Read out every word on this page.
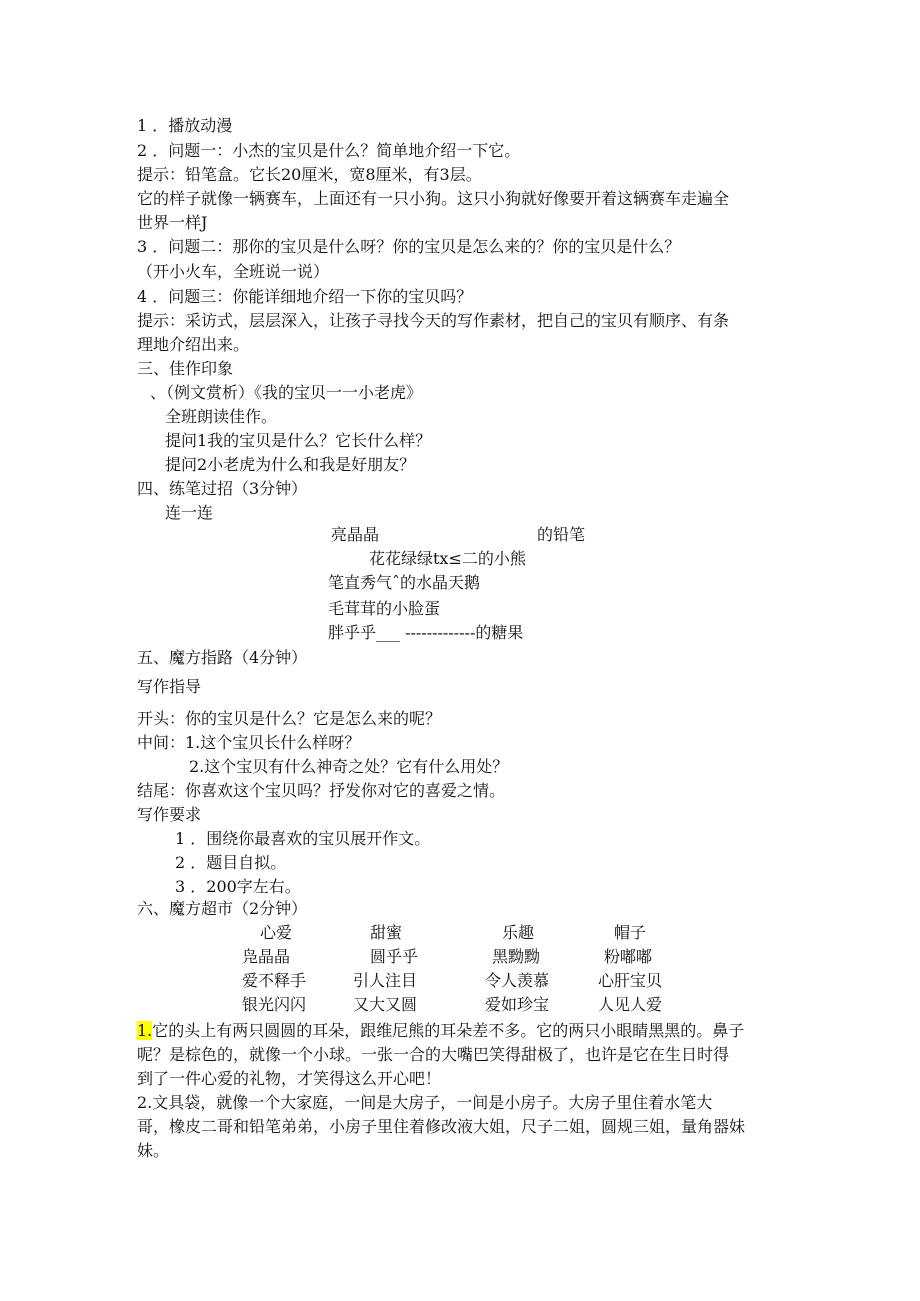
1 ．播放动漫
2 ．问题一：小杰的宝贝是什么？简单地介绍一下它。
提示：铅笔盒。它长20厘米，宽8厘米，有3层。
它的样子就像一辆赛车，上面还有一只小狗。这只小狗就好像要开着这辆赛车走遍全
世界一样J
3 ．问题二：那你的宝贝是什么呀？你的宝贝是怎么来的？你的宝贝是什么？
（开小火车，全班说一说）
4 ．问题三：你能详细地介绍一下你的宝贝吗？
提示：采访式，层层深入，让孩子寻找今天的写作素材，把自己的宝贝有顺序、有条
理地介绍出来。
三、佳作印象
、（例文赏析）《我的宝贝一一小老虎》
全班朗读佳作。
提问1我的宝贝是什么？它长什么样？
提问2小老虎为什么和我是好朋友？
四、练笔过招（3分钟）
连一连
亮晶晶	的铅笔
花花绿绿tx≤二的小熊
笔直秀气ˆ的水晶天鹅
毛茸茸的小脸蛋
胖乎乎___ -------------的糖果
五、魔方指路（4分钟）
写作指导
开头：你的宝贝是什么？它是怎么来的呢？
中间：1.这个宝贝长什么样呀？
2.这个宝贝有什么神奇之处？它有什么用处？
结尾：你喜欢这个宝贝吗？抒发你对它的喜爱之情。
写作要求
1 ．围绕你最喜欢的宝贝展开作文。
2 ．题目自拟。
3 ．200字左右。
六、魔方超市（2分钟）
心爱	甜蜜	乐趣	帽子
凫晶晶	圆乎乎	黑黝黝	粉嘟嘟
爱不释手	引人注目	令人羡慕	心肝宝贝
银光闪闪	又大又圆	爱如珍宝	人见人爱
1.它的头上有两只圆圆的耳朵，跟维尼熊的耳朵差不多。它的两只小眼睛黑黑的。鼻子
呢？是棕色的，就像一个小球。一张一合的大嘴巴笑得甜极了，也许是它在生日时得
到了一件心爱的礼物，才笑得这么开心吧！
2.文具袋，就像一个大家庭，一间是大房子，一间是小房子。大房子里住着水笔大
哥，橡皮二哥和铅笔弟弟，小房子里住着修改液大姐，尺子二姐，圆规三姐，量角器妹
妹。
